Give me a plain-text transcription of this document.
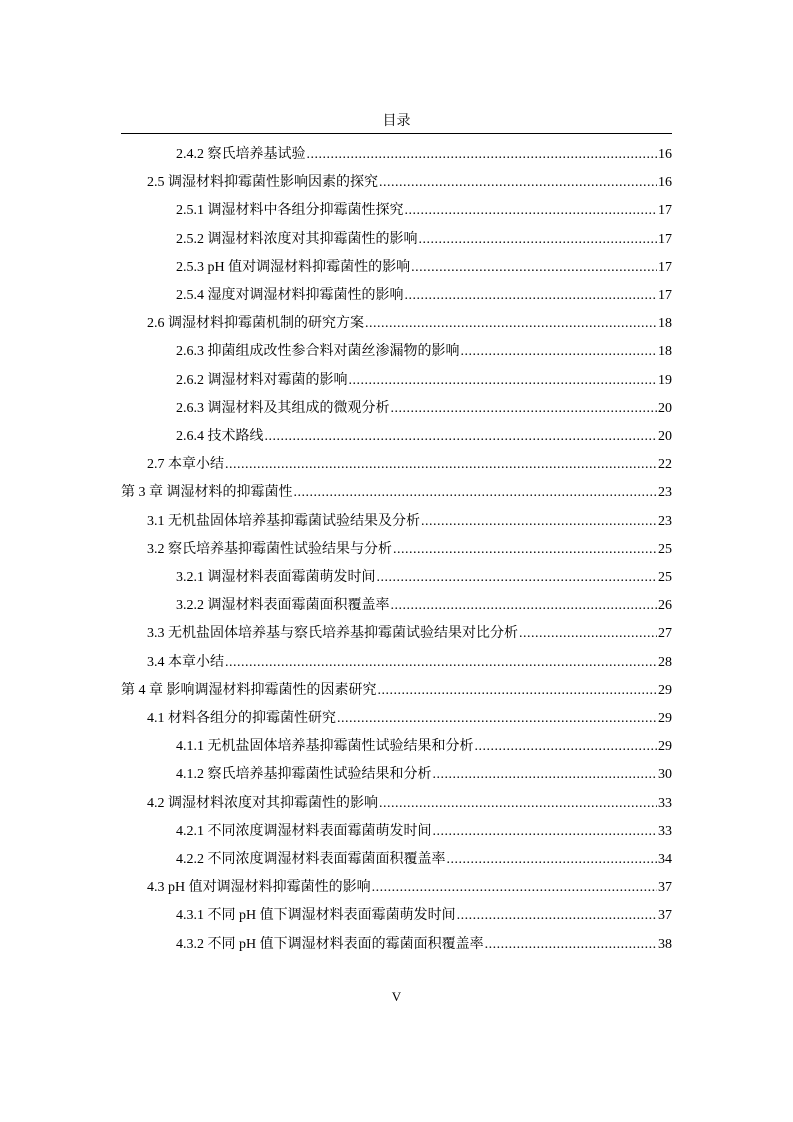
目录
2.4.2 察氏培养基试验 .....	16
2.5 调湿材料抑霉菌性影响因素的探究 .....	16
2.5.1 调湿材料中各组分抑霉菌性探究 .....	17
2.5.2 调湿材料浓度对其抑霉菌性的影响 .....	17
2.5.3 pH 值对调湿材料抑霉菌性的影响 .....	17
2.5.4 湿度对调湿材料抑霉菌性的影响 .....	17
2.6 调湿材料抑霉菌机制的研究方案 .....	18
2.6.3 抑菌组成改性参合料对菌丝渗漏物的影响 .....	18
2.6.2 调湿材料对霉菌的影响 .....	19
2.6.3 调湿材料及其组成的微观分析 .....	20
2.6.4 技术路线 .....	20
2.7 本章小结 .....	22
第 3 章 调湿材料的抑霉菌性 .....	23
3.1 无机盐固体培养基抑霉菌试验结果及分析 .....	23
3.2 察氏培养基抑霉菌性试验结果与分析 .....	25
3.2.1 调湿材料表面霉菌萌发时间 .....	25
3.2.2 调湿材料表面霉菌面积覆盖率 .....	26
3.3 无机盐固体培养基与察氏培养基抑霉菌试验结果对比分析 .....	27
3.4 本章小结 .....	28
第 4 章 影响调湿材料抑霉菌性的因素研究 .....	29
4.1 材料各组分的抑霉菌性研究 .....	29
4.1.1 无机盐固体培养基抑霉菌性试验结果和分析 .....	29
4.1.2 察氏培养基抑霉菌性试验结果和分析 .....	30
4.2 调湿材料浓度对其抑霉菌性的影响 .....	33
4.2.1 不同浓度调湿材料表面霉菌萌发时间 .....	33
4.2.2 不同浓度调湿材料表面霉菌面积覆盖率 .....	34
4.3 pH 值对调湿材料抑霉菌性的影响 .....	37
4.3.1 不同 pH 值下调湿材料表面霉菌萌发时间 .....	37
4.3.2 不同 pH 值下调湿材料表面的霉菌面积覆盖率 .....	38
V
